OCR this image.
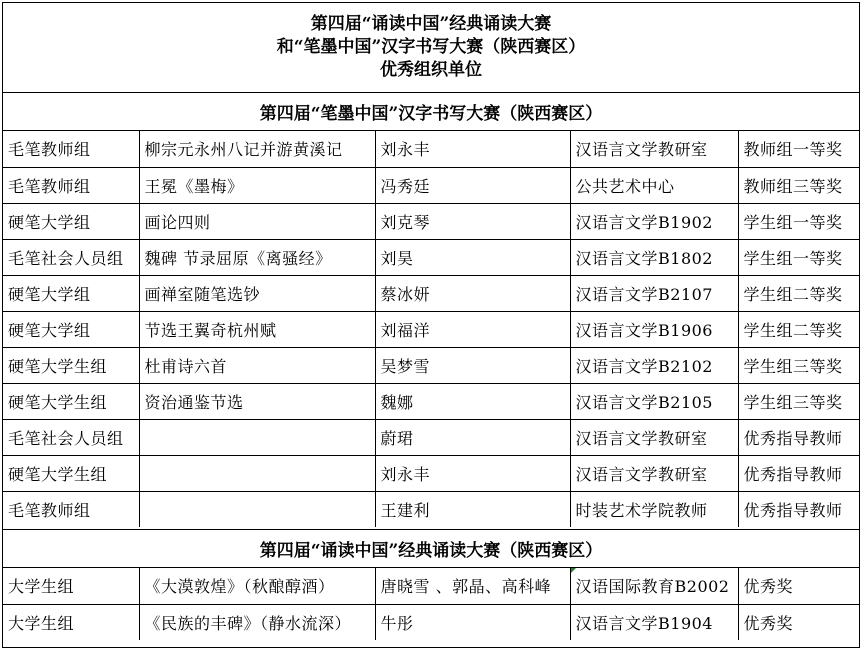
第四届“诵读中国”经典诵读大赛
和“笔墨中国”汉字书写大赛（陕西赛区）
优秀组织单位
第四届“笔墨中国”汉字书写大赛（陕西赛区）
毛笔教师组	柳宗元永州八记并游黄溪记	刘永丰	汉语言文学教研室	教师组一等奖
毛笔教师组	王冕《墨梅》	冯秀廷	公共艺术中心	教师组三等奖
硬笔大学组	画论四则	刘克琴	汉语言文学B1902	学生组一等奖
毛笔社会人员组	魏碑 节录屈原《离骚经》	刘昊	汉语言文学B1802	学生组一等奖
硬笔大学组	画禅室随笔选钞	蔡冰妍	汉语言文学B2107	学生组二等奖
硬笔大学组	节选王翼奇杭州赋	刘福洋	汉语言文学B1906	学生组二等奖
硬笔大学生组	杜甫诗六首	吴梦雪	汉语言文学B2102	学生组三等奖
硬笔大学生组	资治通鉴节选	魏娜	汉语言文学B2105	学生组三等奖
毛笔社会人员组		蔚珺	汉语言文学教研室	优秀指导教师
硬笔大学生组		刘永丰	汉语言文学教研室	优秀指导教师
毛笔教师组		王建利	时装艺术学院教师	优秀指导教师
第四届“诵读中国”经典诵读大赛（陕西赛区）
大学生组	《大漠敦煌》（秋酿醇酒）	唐晓雪 、郭晶、高科峰	汉语国际教育B2002	优秀奖
大学生组	《民族的丰碑》（静水流深）	牛彤	汉语言文学B1904	优秀奖
